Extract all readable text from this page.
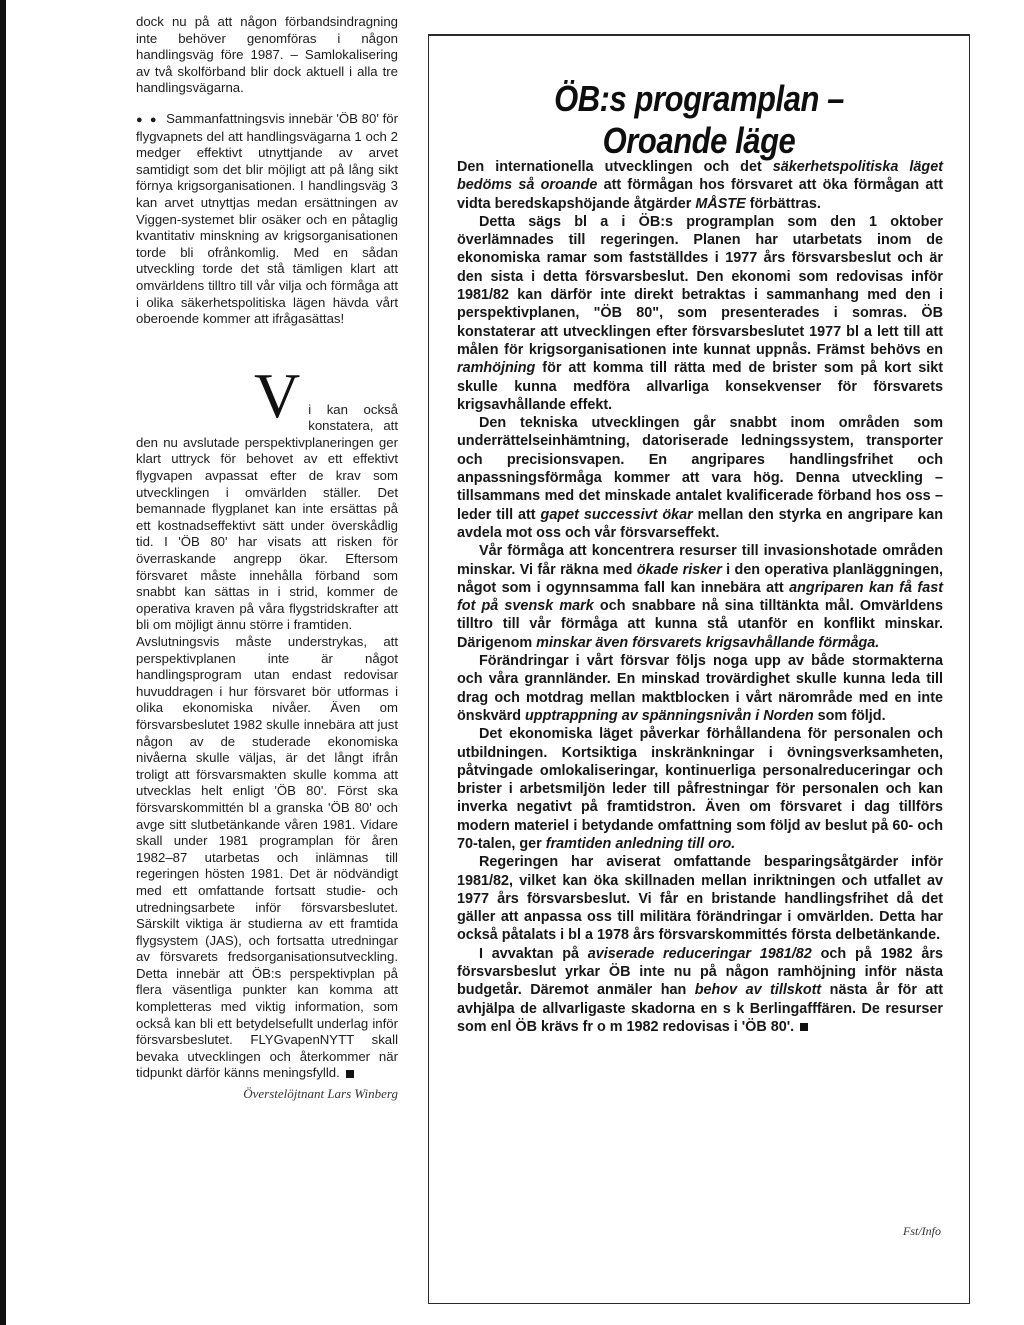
dock nu på att någon förbandsindragning inte behöver genomföras i någon handlingsväg före 1987. – Samlokalisering av två skolförband blir dock aktuell i alla tre handlingsvägarna.

● ● Sammanfattningsvis innebär 'ÖB 80' för flygvapnets del att handlingsvägarna 1 och 2 medger effektivt utnyttjande av arvet samtidigt som det blir möjligt att på lång sikt förnya krigsorganisationen. I handlingsväg 3 kan arvet utnyttjas medan ersättningen av Viggen-systemet blir osäker och en påtaglig kvantitativ minskning av krigsorganisationen torde bli ofrånkomlig. Med en sådan utveckling torde det stå tämligen klart att omvärldens tilltro till vår vilja och förmåga att i olika säkerhetspolitiska lägen hävda vårt oberoende kommer att ifrågasättas!

V i kan också konstatera, att den nu avslutade perspektivplaneringen ger klart uttryck för behovet av ett effektivt flygvapen avpassat efter de krav som utvecklingen i omvärlden ställer. Det bemannade flygplanet kan inte ersättas på ett kostnadseffektivt sätt under överskådlig tid. I 'ÖB 80' har visats att risken för överraskande angrepp ökar. Eftersom försvaret måste innehålla förband som snabbt kan sättas in i strid, kommer de operativa kraven på våra flygstridskrafter att bli om möjligt ännu större i framtiden.

Avslutningsvis måste understrykas, att perspektivplanen inte är något handlingsprogram utan endast redovisar huvuddragen i hur försvaret bör utformas i olika ekonomiska nivåer. Även om försvarsbeslutet 1982 skulle innebära att just någon av de studerade ekonomiska nivåerna skulle väljas, är det långt ifrån troligt att försvarsmakten skulle komma att utvecklas helt enligt 'ÖB 80'. Först ska försvarskommittén bl a granska 'ÖB 80' och avge sitt slutbetänkande våren 1981. Vidare skall under 1981 programplan för åren 1982–87 utarbetas och inlämnas till regeringen hösten 1981. Det är nödvändigt med ett omfattande fortsatt studie- och utredningsarbete inför försvarsbeslutet. Särskilt viktiga är studierna av ett framtida flygsystem (JAS), och fortsatta utredningar av försvarets fredsorganisationsutveckling. Detta innebär att ÖB:s perspektivplan på flera väsentliga punkter kan komma att kompletteras med viktig information, som också kan bli ett betydelsefullt underlag inför försvarsbeslutet. FLYGvapenNYTT skall bevaka utvecklingen och återkommer när tidpunkt därför känns meningsfylld.

Överstelöjtnant Lars Winberg
ÖB:s programplan – Oroande läge

Den internationella utvecklingen och det säkerhetspolitiska läget bedöms så oroande att förmågan hos försvaret att öka förmågan att vidta beredskapshöjande åtgärder MÅSTE förbättras.

Detta sägs bl a i ÖB:s programplan som den 1 oktober överlämnades till regeringen. Planen har utarbetats inom de ekonomiska ramar som fastställdes i 1977 års försvarsbeslut och är den sista i detta försvarsbeslut. Den ekonomi som redovisas inför 1981/82 kan därför inte direkt betraktas i sammanhang med den i perspektivplanen, "ÖB 80", som presenterades i somras. ÖB konstaterar att utvecklingen efter försvarsbeslutet 1977 bl a lett till att målen för krigsorganisationen inte kunnat uppnås. Främst behövs en ramhöjning för att komma till rätta med de brister som på kort sikt skulle kunna medföra allvarliga konsekvenser för försvarets krigsavhållande effekt.

Den tekniska utvecklingen går snabbt inom områden som underrättelseinhämtning, datoriserade ledningssystem, transporter och precisionsvapen. En angripares handlingsfrihet och anpassningsförmåga kommer att vara hög. Denna utveckling – tillsammans med det minskade antalet kvalificerade förband hos oss – leder till att gapet successivt ökar mellan den styrka en angripare kan avdela mot oss och vår försvarseffekt.

Vår förmåga att koncentrera resurser till invasionshotade områden minskar. Vi får räkna med ökade risker i den operativa planläggningen, något som i ogynnsamma fall kan innebära att angriparen kan få fast fot på svensk mark och snabbare nå sina tilltänkta mål. Omvärldens tilltro till vår förmåga att kunna stå utanför en konflikt minskar. Därigenom minskar även försvarets krigsavhållande förmåga.

Förändringar i vårt försvar följs noga upp av både stormakterna och våra grannländer. En minskad trovärdighet skulle kunna leda till drag och motdrag mellan maktblocken i vårt närområde med en inte önskvärd upptrappning av spänningsnivån i Norden som följd.

Det ekonomiska läget påverkar förhållandena för personalen och utbildningen. Kortsiktiga inskränkningar i övningsverksamheten, påtvingade omlokaliseringar, kontinuerliga personalreduceringar och brister i arbetsmiljön leder till påfrestningar för personalen och kan inverka negativt på framtidstron. Även om försvaret i dag tillförs modern materiel i betydande omfattning som följd av beslut på 60- och 70-talen, ger framtiden anledning till oro.

Regeringen har aviserat omfattande besparingsåtgärder inför 1981/82, vilket kan öka skillnaden mellan inriktningen och utfallet av 1977 års försvarsbeslut. Vi får en bristande handlingsfrihet då det gäller att anpassa oss till militära förändringar i omvärlden. Detta har också påtalats i bl a 1978 års försvarskommittés första delbetänkande.

I avvaktan på aviserade reduceringar 1981/82 och på 1982 års försvarsbeslut yrkar ÖB inte nu på någon ramhöjning inför nästa budgetår. Däremot anmäler han behov av tillskott nästa år för att avhjälpa de allvarligaste skadorna en s k Berlingafffären. De resurser som enl ÖB krävs fr o m 1982 redovisas i 'ÖB 80'.

Fst/Info
